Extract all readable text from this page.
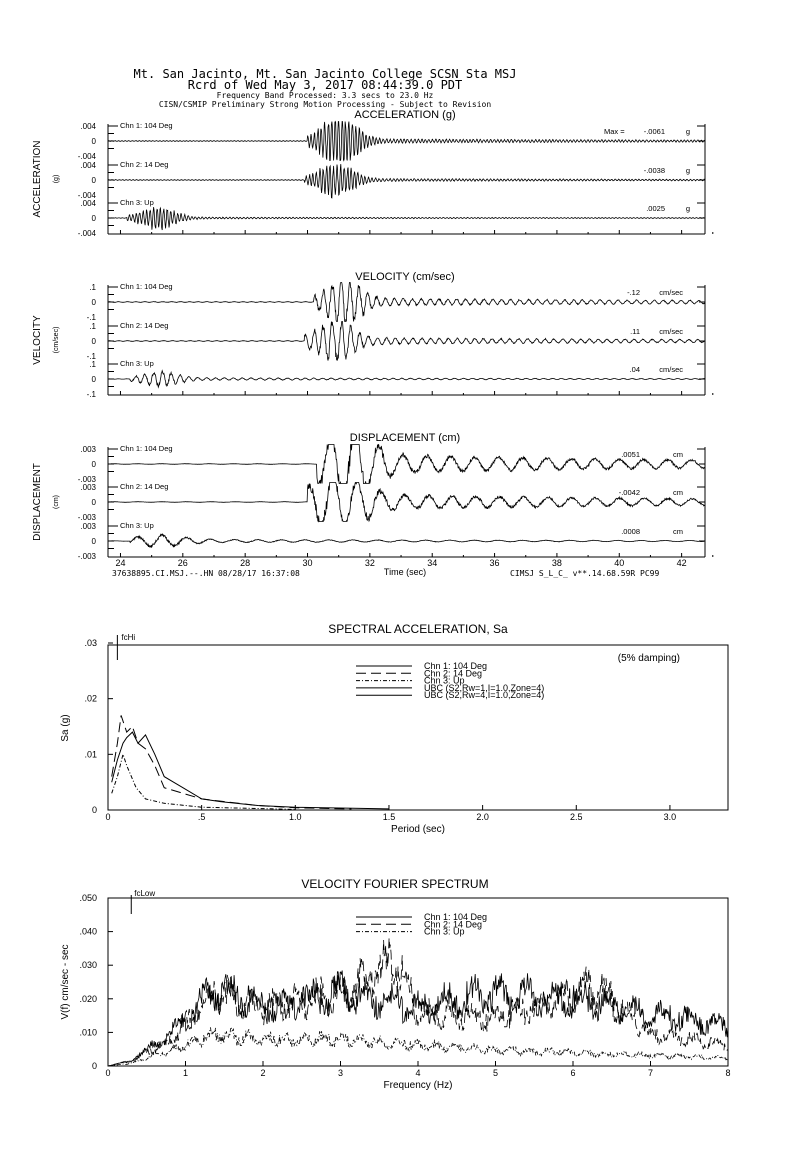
Mt. San Jacinto, Mt. San Jacinto College SCSN Sta MSJ
Rcrd of Wed May 3, 2017 08:44:39.0 PDT
Frequency Band Processed: 3.3 secs to 23.0 Hz
CISN/CSMIP Preliminary Strong Motion Processing - Subject to Revision
37638895.CI.MSJ.--.HN 08/28/17 16:37:08	CIMSJ S_L_C_ v**.14.68.59R PC99
ACCELERATION (g)
ACCELERATION (g)
.004
0
-.004
Chn 1: 104 Deg
Max =	-.0061	g
.004
0
-.004
Chn 2: 14 Deg
-.0038	g
.004
0
-.004
Chn 3: Up
.0025	g
VELOCITY (cm/sec)
VELOCITY (cm/sec)
.1
0
-.1
Chn 1: 104 Deg
-.12	cm/sec
.1
0
-.1
Chn 2: 14 Deg
.11	cm/sec
.1
0
-.1
Chn 3: Up
.04	cm/sec
DISPLACEMENT (cm)
DISPLACEMENT (cm)
.003
0
-.003
Chn 1: 104 Deg
.0051	cm
.003
0
-.003
Chn 2: 14 Deg
-.0042	cm
.003
0
-.003
Chn 3: Up
.0008	cm
24	26	28	30	32	34	36	38	40	42
Time (sec)
SPECTRAL ACCELERATION, Sa
(5% damping)
0	.5	1.0	1.5	2.0	2.5	3.0
0
.01
.02
.03
Period (sec)
Sa (g)
fcHi
Chn 1: 104 Deg
Chn 2: 14 Deg
Chn 3: Up
UBC (S2,Rw=1,I=1.0,Zone=4)
UBC (S2,Rw=4,I=1.0,Zone=4)
VELOCITY FOURIER SPECTRUM
0	1	2	3	4	5	6	7	8
0
.010
.020
.030
.040
.050
Frequency (Hz)
V(f) cm/sec - sec
fcLow
Chn 1: 104 Deg
Chn 2: 14 Deg
Chn 3: Up
